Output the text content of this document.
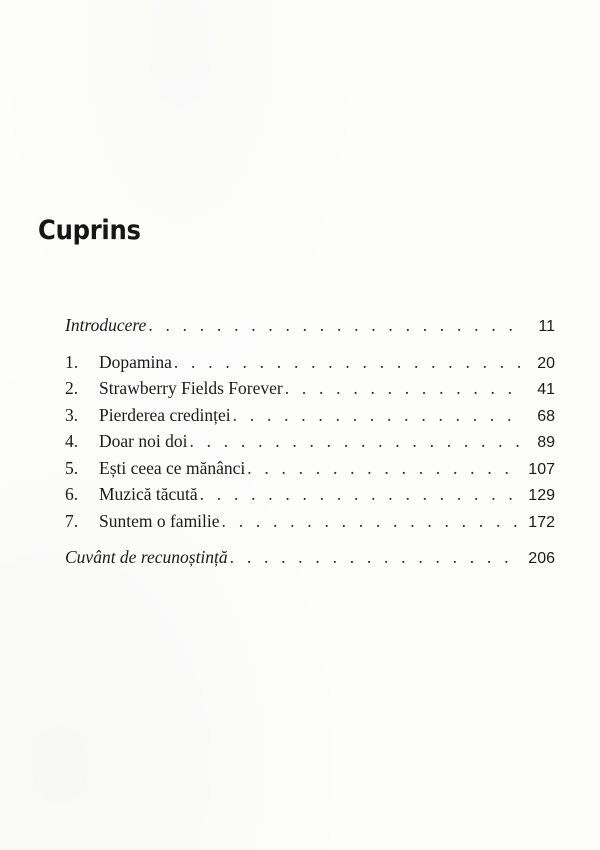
Cuprins
Introducere . . .	11
1.	Dopamina . . .	20
2.	Strawberry Fields Forever . . .	41
3.	Pierderea credinței . . .	68
4.	Doar noi doi . . .	89
5.	Ești ceea ce mănânci . . .	107
6.	Muzică tăcută . . .	129
7.	Suntem o familie . . .	172
Cuvânt de recunoștință . . .	206
